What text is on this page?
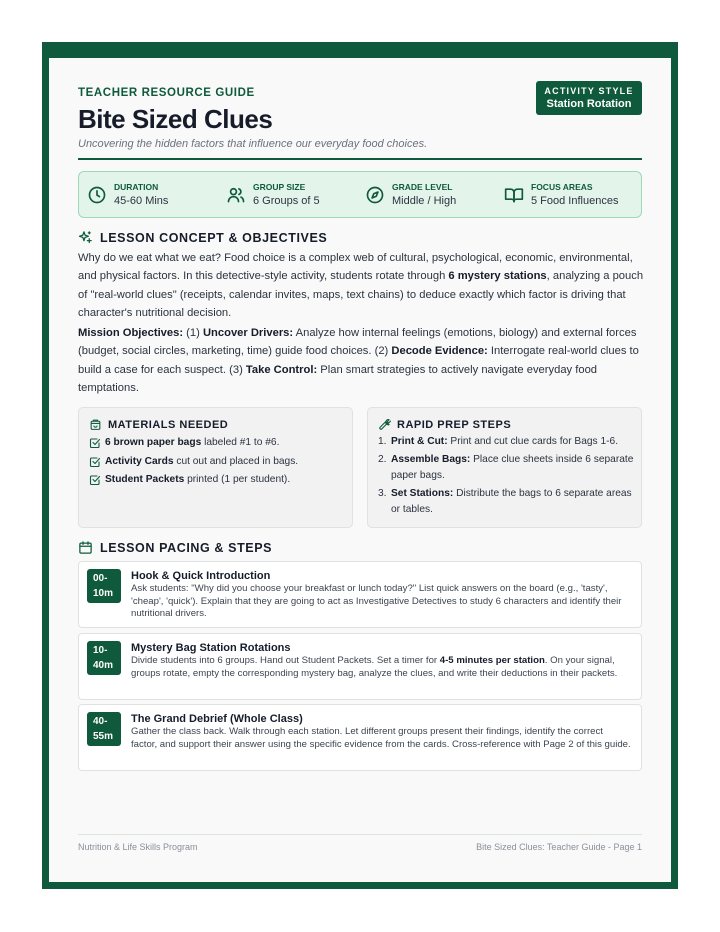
TEACHER RESOURCE GUIDE
Bite Sized Clues
Uncovering the hidden factors that influence our everyday food choices.
ACTIVITY STYLE
Station Rotation
DURATION
45-60 Mins
GROUP SIZE
6 Groups of 5
GRADE LEVEL
Middle / High
FOCUS AREAS
5 Food Influences
LESSON CONCEPT & OBJECTIVES
Why do we eat what we eat? Food choice is a complex web of cultural, psychological, economic, environmental, and physical factors. In this detective-style activity, students rotate through 6 mystery stations, analyzing a pouch of "real-world clues" (receipts, calendar invites, maps, text chains) to deduce exactly which factor is driving that character's nutritional decision.
Mission Objectives: (1) Uncover Drivers: Analyze how internal feelings (emotions, biology) and external forces (budget, social circles, marketing, time) guide food choices. (2) Decode Evidence: Interrogate real-world clues to build a case for each suspect. (3) Take Control: Plan smart strategies to actively navigate everyday food temptations.
MATERIALS NEEDED
6 brown paper bags labeled #1 to #6.
Activity Cards cut out and placed in bags.
Student Packets printed (1 per student).
RAPID PREP STEPS
1. Print & Cut: Print and cut clue cards for Bags 1-6.
2. Assemble Bags: Place clue sheets inside 6 separate paper bags.
3. Set Stations: Distribute the bags to 6 separate areas or tables.
LESSON PACING & STEPS
00-
10m
Hook & Quick Introduction
Ask students: "Why did you choose your breakfast or lunch today?" List quick answers on the board (e.g., 'tasty', 'cheap', 'quick'). Explain that they are going to act as Investigative Detectives to study 6 characters and identify their nutritional drivers.
10-
40m
Mystery Bag Station Rotations
Divide students into 6 groups. Hand out Student Packets. Set a timer for 4-5 minutes per station. On your signal, groups rotate, empty the corresponding mystery bag, analyze the clues, and write their deductions in their packets.
40-
55m
The Grand Debrief (Whole Class)
Gather the class back. Walk through each station. Let different groups present their findings, identify the correct factor, and support their answer using the specific evidence from the cards. Cross-reference with Page 2 of this guide.
Nutrition & Life Skills Program	Bite Sized Clues: Teacher Guide - Page 1
